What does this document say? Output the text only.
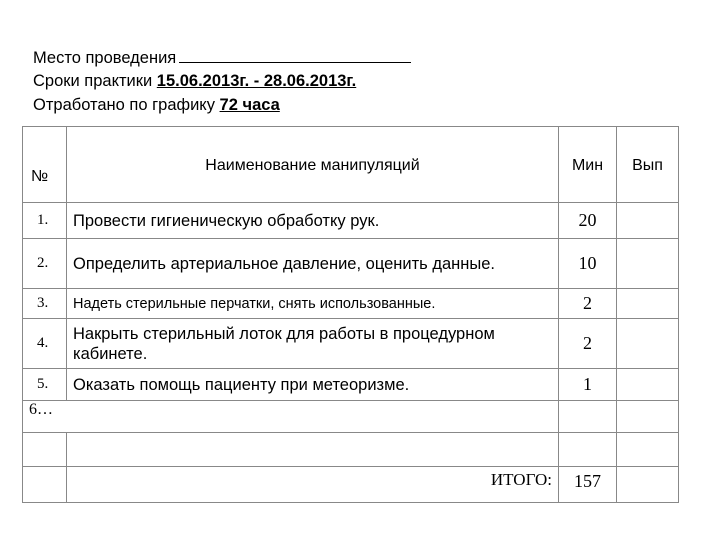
Место проведения
Сроки практики 15.06.2013г. - 28.06.2013г.
Отработано по графику 72 часа
№	Наименование манипуляций	Мин	Вып
1.	Провести гигиеническую обработку рук.	20	
2.	Определить артериальное давление, оценить данные.	10	
3.	Надеть стерильные перчатки, снять использованные.	2	
4.	Накрыть стерильный лоток для работы в процедурном кабинете.	2	
5.	Оказать помощь пациенту при метеоризме.	1	
6…			

	ИТОГО:	157	
